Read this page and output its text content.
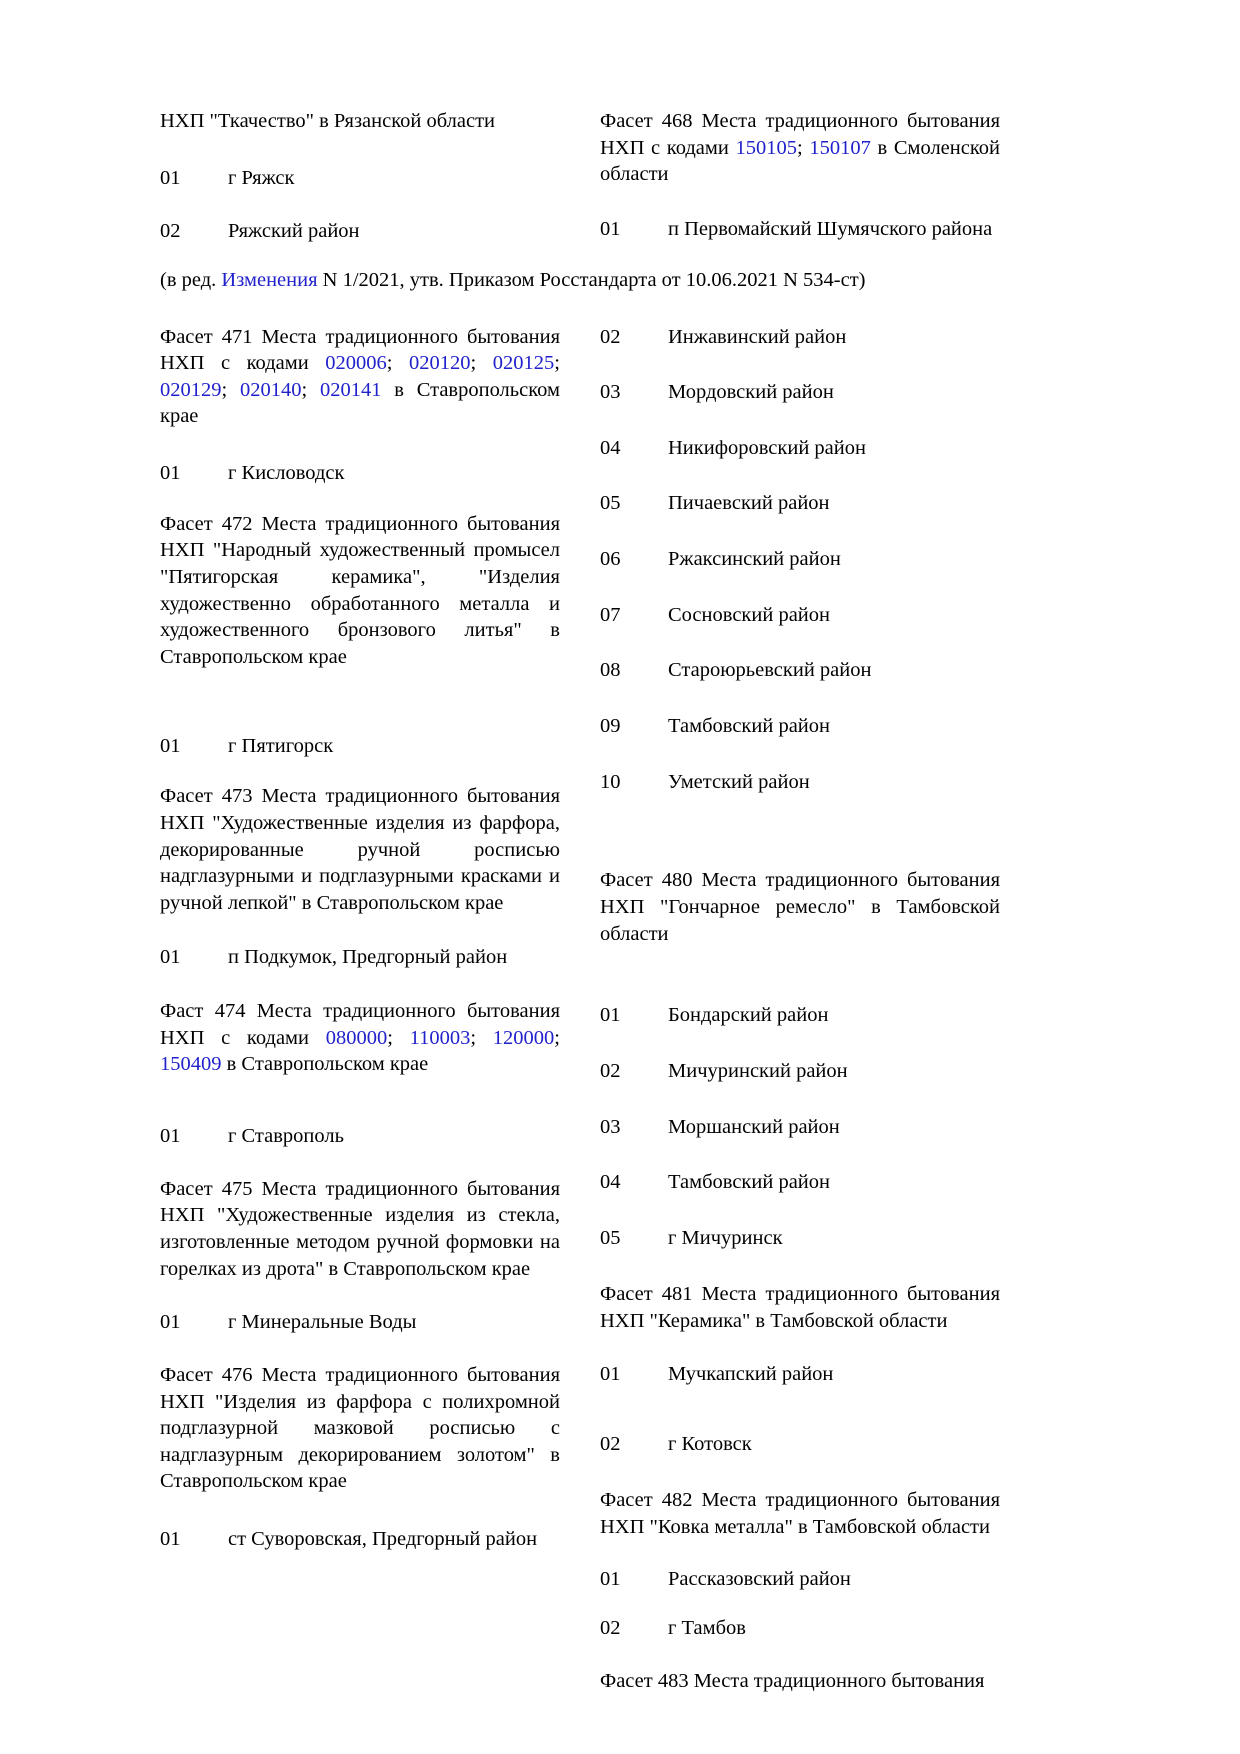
НХП "Ткачество" в Рязанской области

01	г Ряжск
02	Ряжский район

Фасет 468 Места традиционного бытования НХП с кодами 150105; 150107 в Смоленской области

01	п Первомайский Шумячского района

(в ред. Изменения N 1/2021, утв. Приказом Росстандарта от 10.06.2021 N 534-ст)

Фасет 471 Места традиционного бытования НХП с кодами 020006; 020120; 020125; 020129; 020140; 020141 в Ставропольском крае

01	г Кисловодск

Фасет 472 Места традиционного бытования НХП "Народный художественный промысел "Пятигорская керамика", "Изделия художественно обработанного металла и художественного бронзового литья" в Ставропольском крае

01	г Пятигорск

Фасет 473 Места традиционного бытования НХП "Художественные изделия из фарфора, декорированные ручной росписью надглазурными и подглазурными красками и ручной лепкой" в Ставропольском крае

01	п Подкумок, Предгорный район

Фаст 474 Места традиционного бытования НХП с кодами 080000; 110003; 120000; 150409 в Ставропольском крае

01	г Ставрополь

Фасет 475 Места традиционного бытования НХП "Художественные изделия из стекла, изготовленные методом ручной формовки на горелках из дрота" в Ставропольском крае

01	г Минеральные Воды

Фасет 476 Места традиционного бытования НХП "Изделия из фарфора с полихромной подглазурной мазковой росписью с надглазурным декорированием золотом" в Ставропольском крае

01	ст Суворовская, Предгорный район
02	Инжавинский район
03	Мордовский район
04	Никифоровский район
05	Пичаевский район
06	Ржаксинский район
07	Сосновский район
08	Староюрьевский район
09	Тамбовский район
10	Уметский район

Фасет 480 Места традиционного бытования НХП "Гончарное ремесло" в Тамбовской области

01	Бондарский район
02	Мичуринский район
03	Моршанский район
04	Тамбовский район
05	г Мичуринск

Фасет 481 Места традиционного бытования НХП "Керамика" в Тамбовской области

01	Мучкапский район
02	г Котовск

Фасет 482 Места традиционного бытования НХП "Ковка металла" в Тамбовской области

01	Рассказовский район
02	г Тамбов

Фасет 483 Места традиционного бытования
